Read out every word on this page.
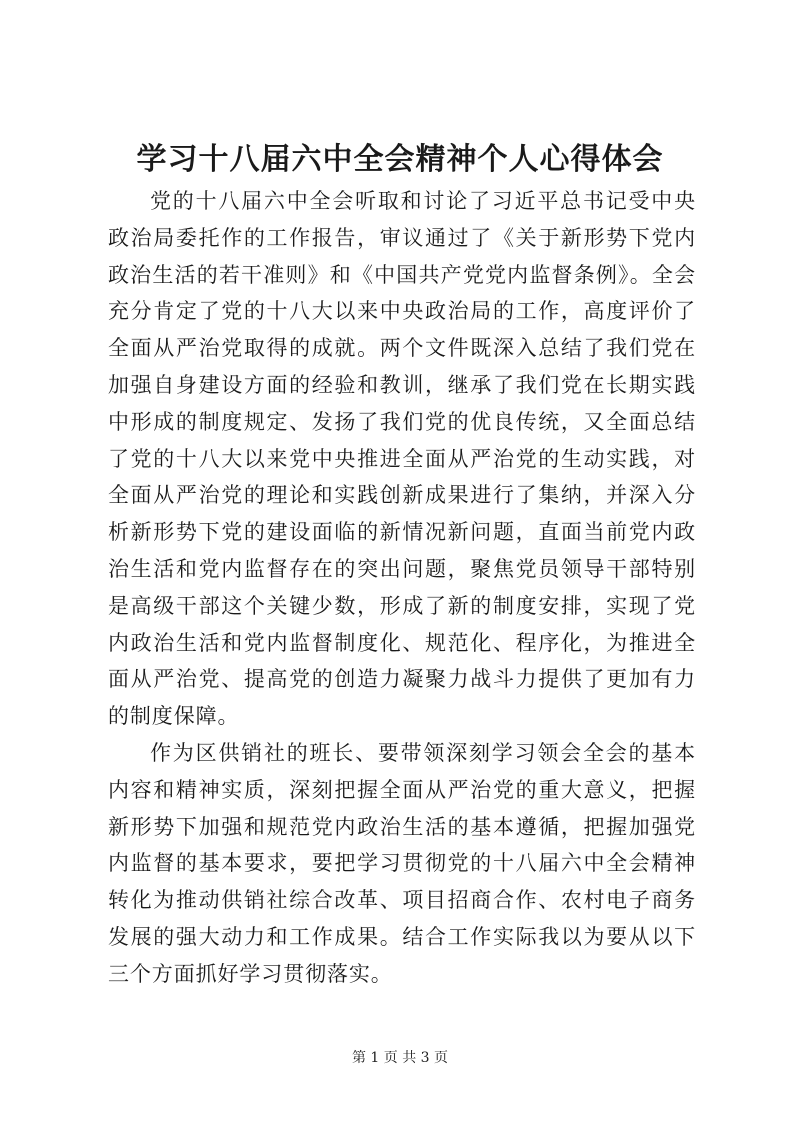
学习十八届六中全会精神个人心得体会

党的十八届六中全会听取和讨论了习近平总书记受中央政治局委托作的工作报告，审议通过了《关于新形势下党内政治生活的若干准则》和《中国共产党党内监督条例》。全会充分肯定了党的十八大以来中央政治局的工作，高度评价了全面从严治党取得的成就。两个文件既深入总结了我们党在加强自身建设方面的经验和教训，继承了我们党在长期实践中形成的制度规定、发扬了我们党的优良传统，又全面总结了党的十八大以来党中央推进全面从严治党的生动实践，对全面从严治党的理论和实践创新成果进行了集纳，并深入分析新形势下党的建设面临的新情况新问题，直面当前党内政治生活和党内监督存在的突出问题，聚焦党员领导干部特别是高级干部这个关键少数，形成了新的制度安排，实现了党内政治生活和党内监督制度化、规范化、程序化，为推进全面从严治党、提高党的创造力凝聚力战斗力提供了更加有力的制度保障。

作为区供销社的班长、要带领深刻学习领会全会的基本内容和精神实质，深刻把握全面从严治党的重大意义，把握新形势下加强和规范党内政治生活的基本遵循，把握加强党内监督的基本要求，要把学习贯彻党的十八届六中全会精神转化为推动供销社综合改革、项目招商合作、农村电子商务发展的强大动力和工作成果。结合工作实际我以为要从以下三个方面抓好学习贯彻落实。

第 1 页 共 3 页
